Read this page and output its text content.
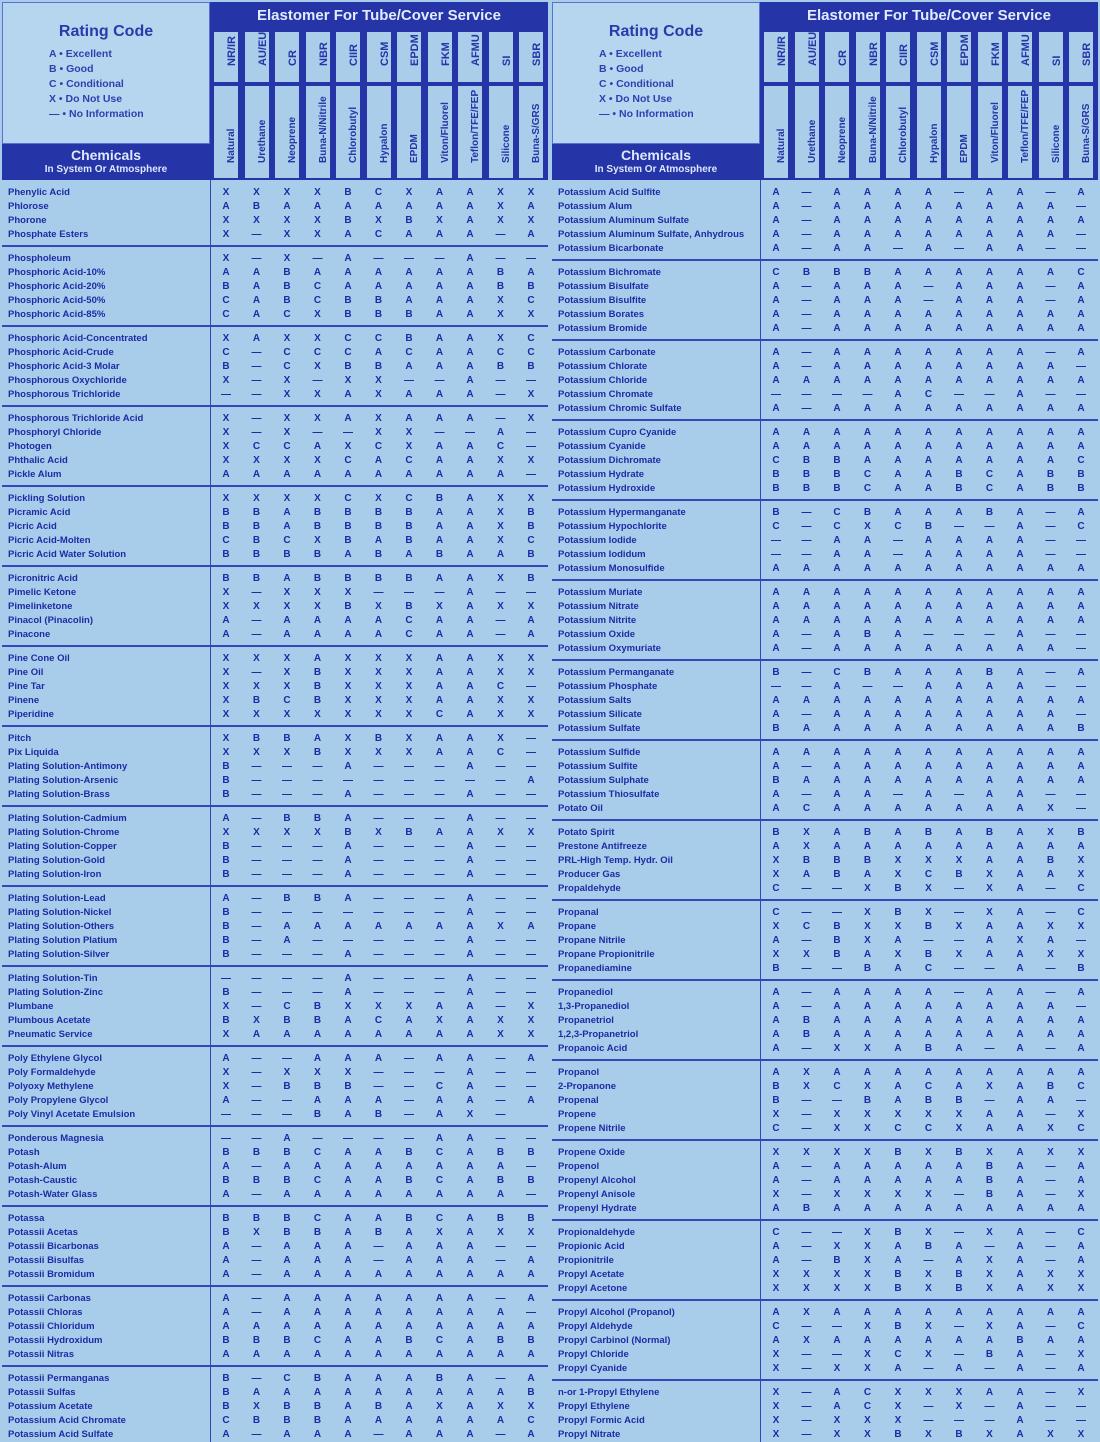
Rating Code
A • Excellent
B • Good
C • Conditional
X • Do Not Use
— • No Information
Chemicals
In System Or Atmosphere
Elastomer For Tube/Cover Service
NR/IR
Natural
AU/EU
Urethane
CR
Neoprene
NBR
Buna-N/Nitrile
CIIR
Chlorobutyl
CSM
Hypalon
EPDM
EPDM
FKM
Viton/Fluorel
AFMU
Teflon/TFE/FEP
SI
Silicone
SBR
Buna-S/GRS
Phenylic Acid	X	X	X	X	B	C	X	A	A	X	X
Phlorose	A	B	A	A	A	A	A	A	A	X	A
Phorone	X	X	X	X	B	X	B	X	A	X	X
Phosphate Esters	X	—	X	X	A	C	A	A	A	—	A
Phospholeum	X	—	X	—	A	—	—	—	A	—	—
Phosphoric Acid-10%	A	A	B	A	A	A	A	A	A	B	A
Phosphoric Acid-20%	B	A	B	C	A	A	A	A	A	B	B
Phosphoric Acid-50%	C	A	B	C	B	B	A	A	A	X	C
Phosphoric Acid-85%	C	A	C	X	B	B	B	A	A	X	X
Phosphoric Acid-Concentrated	X	A	X	X	C	C	B	A	A	X	C
Phosphoric Acid-Crude	C	—	C	C	C	A	C	A	A	C	C
Phosphoric Acid-3 Molar	B	—	C	X	B	B	A	A	A	B	B
Phosphorous Oxychloride	X	—	X	—	X	X	—	—	A	—	—
Phosphorous Trichloride	—	—	X	X	A	X	A	A	A	—	X
Phosphorous Trichloride Acid	X	—	X	X	A	X	A	A	A	—	X
Phosphoryl Chloride	X	—	X	—	—	X	X	—	—	A	—
Photogen	X	C	C	A	X	C	X	A	A	C	—
Phthalic Acid	X	X	X	X	C	A	C	A	A	X	X
Pickle Alum	A	A	A	A	A	A	A	A	A	A	—
Pickling Solution	X	X	X	X	C	X	C	B	A	X	X
Picramic Acid	B	B	A	B	B	B	B	A	A	X	B
Picric Acid	B	B	A	B	B	B	B	A	A	X	B
Picric Acid-Molten	C	B	C	X	B	A	B	A	A	X	C
Picric Acid Water Solution	B	B	B	B	A	B	A	B	A	A	B
Picronitric Acid	B	B	A	B	B	B	B	A	A	X	B
Pimelic Ketone	X	—	X	X	X	—	—	—	A	—	—
Pimelinketone	X	X	X	X	B	X	B	X	A	X	X
Pinacol (Pinacolin)	A	—	A	A	A	A	C	A	A	—	A
Pinacone	A	—	A	A	A	A	C	A	A	—	A
Pine Cone Oil	X	X	X	A	X	X	X	A	A	X	X
Pine Oil	X	—	X	B	X	X	X	A	A	X	X
Pine Tar	X	X	X	B	X	X	X	A	A	C	—
Pinene	X	B	C	B	X	X	X	A	A	X	X
Piperidine	X	X	X	X	X	X	X	C	A	X	X
Pitch	X	B	B	A	X	B	X	A	A	X	—
Pix Liquida	X	X	X	B	X	X	X	A	A	C	—
Plating Solution-Antimony	B	—	—	—	A	—	—	—	A	—	—
Plating Solution-Arsenic	B	—	—	—	—	—	—	—	—	—	A
Plating Solution-Brass	B	—	—	—	A	—	—	—	A	—	—
Plating Solution-Cadmium	A	—	B	B	A	—	—	—	A	—	—
Plating Solution-Chrome	X	X	X	X	B	X	B	A	A	X	X
Plating Solution-Copper	B	—	—	—	A	—	—	—	A	—	—
Plating Solution-Gold	B	—	—	—	A	—	—	—	A	—	—
Plating Solution-Iron	B	—	—	—	A	—	—	—	A	—	—
Plating Solution-Lead	A	—	B	B	A	—	—	—	A	—	—
Plating Solution-Nickel	B	—	—	—	—	—	—	—	A	—	—
Plating Solution-Others	B	—	A	A	A	A	A	A	A	X	A
Plating Solution Platium	B	—	A	—	—	—	—	—	A	—	—
Plating Solution-Silver	B	—	—	—	A	—	—	—	A	—	—
Plating Solution-Tin	—	—	—	—	A	—	—	—	A	—	—
Plating Solution-Zinc	B	—	—	—	A	—	—	—	A	—	—
Plumbane	X	—	C	B	X	X	X	A	A	—	X
Plumbous Acetate	B	X	B	B	A	C	A	X	A	X	X
Pneumatic Service	X	A	A	A	A	A	A	A	A	X	X
Poly Ethylene Glycol	A	—	—	A	A	A	—	A	A	—	A
Poly Formaldehyde	X	—	X	X	X	—	—	—	A	—	—
Polyoxy Methylene	X	—	B	B	B	—	—	C	A	—	—
Poly Propylene Glycol	A	—	—	A	A	A	—	A	A	—	A
Poly Vinyl Acetate Emulsion	—	—	—	B	A	B	—	A	X	—
Ponderous Magnesia	—	—	A	—	—	—	—	A	A	—	—
Potash	B	B	B	C	A	A	B	C	A	B	B
Potash-Alum	A	—	A	A	A	A	A	A	A	A	—
Potash-Caustic	B	B	B	C	A	A	B	C	A	B	B
Potash-Water Glass	A	—	A	A	A	A	A	A	A	A	—
Potassa	B	B	B	C	A	A	B	C	A	B	B
Potassii Acetas	B	X	B	B	A	B	A	X	A	X	X
Potassii Bicarbonas	A	—	A	A	A	—	A	A	A	—	—
Potassii Bisulfas	A	—	A	A	A	—	A	A	A	—	A
Potassii Bromidum	A	—	A	A	A	A	A	A	A	A	A
Potassii Carbonas	A	—	A	A	A	A	A	A	A	—	A
Potassii Chloras	A	—	A	A	A	A	A	A	A	A	—
Potassii Chloridum	A	A	A	A	A	A	A	A	A	A	A
Potassii Hydroxidum	B	B	B	C	A	A	B	C	A	B	B
Potassii Nitras	A	A	A	A	A	A	A	A	A	A	A
Potassii Permanganas	B	—	C	B	A	A	A	B	A	—	A
Potassii Sulfas	B	A	A	A	A	A	A	A	A	A	B
Potassium Acetate	B	X	B	B	A	B	A	X	A	X	X
Potassium Acid Chromate	C	B	B	B	A	A	A	A	A	A	C
Potassium Acid Sulfate	A	—	A	A	A	—	A	A	A	—	A
Rating Code
A • Excellent
B • Good
C • Conditional
X • Do Not Use
— • No Information
Chemicals
In System Or Atmosphere
Elastomer For Tube/Cover Service
NR/IR
Natural
AU/EU
Urethane
CR
Neoprene
NBR
Buna-N/Nitrile
CIIR
Chlorobutyl
CSM
Hypalon
EPDM
EPDM
FKM
Viton/Fluorel
AFMU
Teflon/TFE/FEP
SI
Silicone
SBR
Buna-S/GRS
Potassium Acid Sulfite	A	—	A	A	A	A	—	A	A	—	A
Potassium Alum	A	—	A	A	A	A	A	A	A	A	—
Potassium Aluminum Sulfate	A	—	A	A	A	A	A	A	A	A	A
Potassium Aluminum Sulfate, Anhydrous	A	—	A	A	A	A	A	A	A	A	—
Potassium Bicarbonate	A	—	A	A	—	A	—	A	A	—	—
Potassium Bichromate	C	B	B	B	A	A	A	A	A	A	C
Potassium Bisulfate	A	—	A	A	A	—	A	A	A	—	A
Potassium Bisulfite	A	—	A	A	A	—	A	A	A	—	A
Potassium Borates	A	—	A	A	A	A	A	A	A	A	A
Potassium Bromide	A	—	A	A	A	A	A	A	A	A	A
Potassium Carbonate	A	—	A	A	A	A	A	A	A	—	A
Potassium Chlorate	A	—	A	A	A	A	A	A	A	A	—
Potassium Chloride	A	A	A	A	A	A	A	A	A	A	A
Potassium Chromate	—	—	—	—	A	C	—	—	A	—	—
Potassium Chromic Sulfate	A	—	A	A	A	A	A	A	A	A	A
Potassium Cupro Cyanide	A	A	A	A	A	A	A	A	A	A	A
Potassium Cyanide	A	A	A	A	A	A	A	A	A	A	A
Potassium Dichromate	C	B	B	A	A	A	A	A	A	A	C
Potassium Hydrate	B	B	B	C	A	A	B	C	A	B	B
Potassium Hydroxide	B	B	B	C	A	A	B	C	A	B	B
Potassium Hypermanganate	B	—	C	B	A	A	A	B	A	—	A
Potassium Hypochlorite	C	—	C	X	C	B	—	—	A	—	C
Potassium Iodide	—	—	A	A	—	A	A	A	A	—	—
Potassium Iodidum	—	—	A	A	—	A	A	A	A	—	—
Potassium Monosulfide	A	A	A	A	A	A	A	A	A	A	A
Potassium Muriate	A	A	A	A	A	A	A	A	A	A	A
Potassium Nitrate	A	A	A	A	A	A	A	A	A	A	A
Potassium Nitrite	A	A	A	A	A	A	A	A	A	A	A
Potassium Oxide	A	—	A	B	A	—	—	—	A	—	—
Potassium Oxymuriate	A	—	A	A	A	A	A	A	A	A	—
Potassium Permanganate	B	—	C	B	A	A	A	B	A	—	A
Potassium Phosphate	—	—	A	—	—	A	A	A	A	—	—
Potassium Salts	A	A	A	A	A	A	A	A	A	A	A
Potassium Silicate	A	—	A	A	A	A	A	A	A	A	—
Potassium Sulfate	B	A	A	A	A	A	A	A	A	A	B
Potassium Sulfide	A	A	A	A	A	A	A	A	A	A	A
Potassium Sulfite	A	—	A	A	A	A	A	A	A	A	A
Potassium Sulphate	B	A	A	A	A	A	A	A	A	A	A
Potassium Thiosulfate	A	—	A	A	—	A	—	A	A	—	—
Potato Oil	A	C	A	A	A	A	A	A	A	X	—
Potato Spirit	B	X	A	B	A	B	A	B	A	X	B
Prestone Antifreeze	A	X	A	A	A	A	A	A	A	A	A
PRL-High Temp. Hydr. Oil	X	B	B	B	X	X	X	A	A	B	X
Producer Gas	X	A	B	A	X	C	B	X	A	A	X
Propaldehyde	C	—	—	X	B	X	—	X	A	—	C
Propanal	C	—	—	X	B	X	—	X	A	—	C
Propane	X	C	B	X	X	B	X	A	A	X	X
Propane Nitrile	A	—	B	X	A	—	—	A	X	A	—
Propane Propionitrile	X	X	B	A	X	B	X	A	A	X	X
Propanediamine	B	—	—	B	A	C	—	—	A	—	B
Propanediol	A	—	A	A	A	A	—	A	A	—	A
1,3-Propanediol	A	—	A	A	A	A	A	A	A	A	—
Propanetriol	A	B	A	A	A	A	A	A	A	A	A
1,2,3-Propanetriol	A	B	A	A	A	A	A	A	A	A	A
Propanoic Acid	A	—	X	X	A	B	A	—	A	—	A
Propanol	A	X	A	A	A	A	A	A	A	A	A
2-Propanone	B	X	C	X	A	C	A	X	A	B	C
Propenal	B	—	—	B	A	B	B	—	A	A	—
Propene	X	—	X	X	X	X	X	A	A	—	X
Propene Nitrile	C	—	X	X	C	C	X	A	A	X	C
Propene Oxide	X	X	X	X	B	X	B	X	A	X	X
Propenol	A	—	A	A	A	A	A	B	A	—	A
Propenyl Alcohol	A	—	A	A	A	A	A	B	A	—	A
Propenyl Anisole	X	—	X	X	X	X	—	B	A	—	X
Propenyl Hydrate	A	B	A	A	A	A	A	A	A	A	A
Propionaldehyde	C	—	—	X	B	X	—	X	A	—	C
Propionic Acid	A	—	X	X	A	B	A	—	A	—	A
Propionitrile	A	—	B	X	A	—	A	X	A	—	A
Propyl Acetate	X	X	X	X	B	X	B	X	A	X	X
Propyl Acetone	X	X	X	X	B	X	B	X	A	X	X
Propyl Alcohol (Propanol)	A	X	A	A	A	A	A	A	A	A	A
Propyl Aldehyde	C	—	—	X	B	X	—	X	A	—	C
Propyl Carbinol (Normal)	A	X	A	A	A	A	A	A	B	A	A
Propyl Chloride	X	—	—	X	C	X	—	B	A	—	X
Propyl Cyanide	X	—	X	X	A	—	A	—	A	—	A
n-or 1-Propyl Ethylene	X	—	A	C	X	X	X	A	A	—	X
Propyl Ethylene	X	—	A	C	X	—	X	—	A	—	—
Propyl Formic Acid	X	—	X	X	X	—	—	—	A	—	—
Propyl Nitrate	X	—	X	X	B	X	B	X	A	X	X
